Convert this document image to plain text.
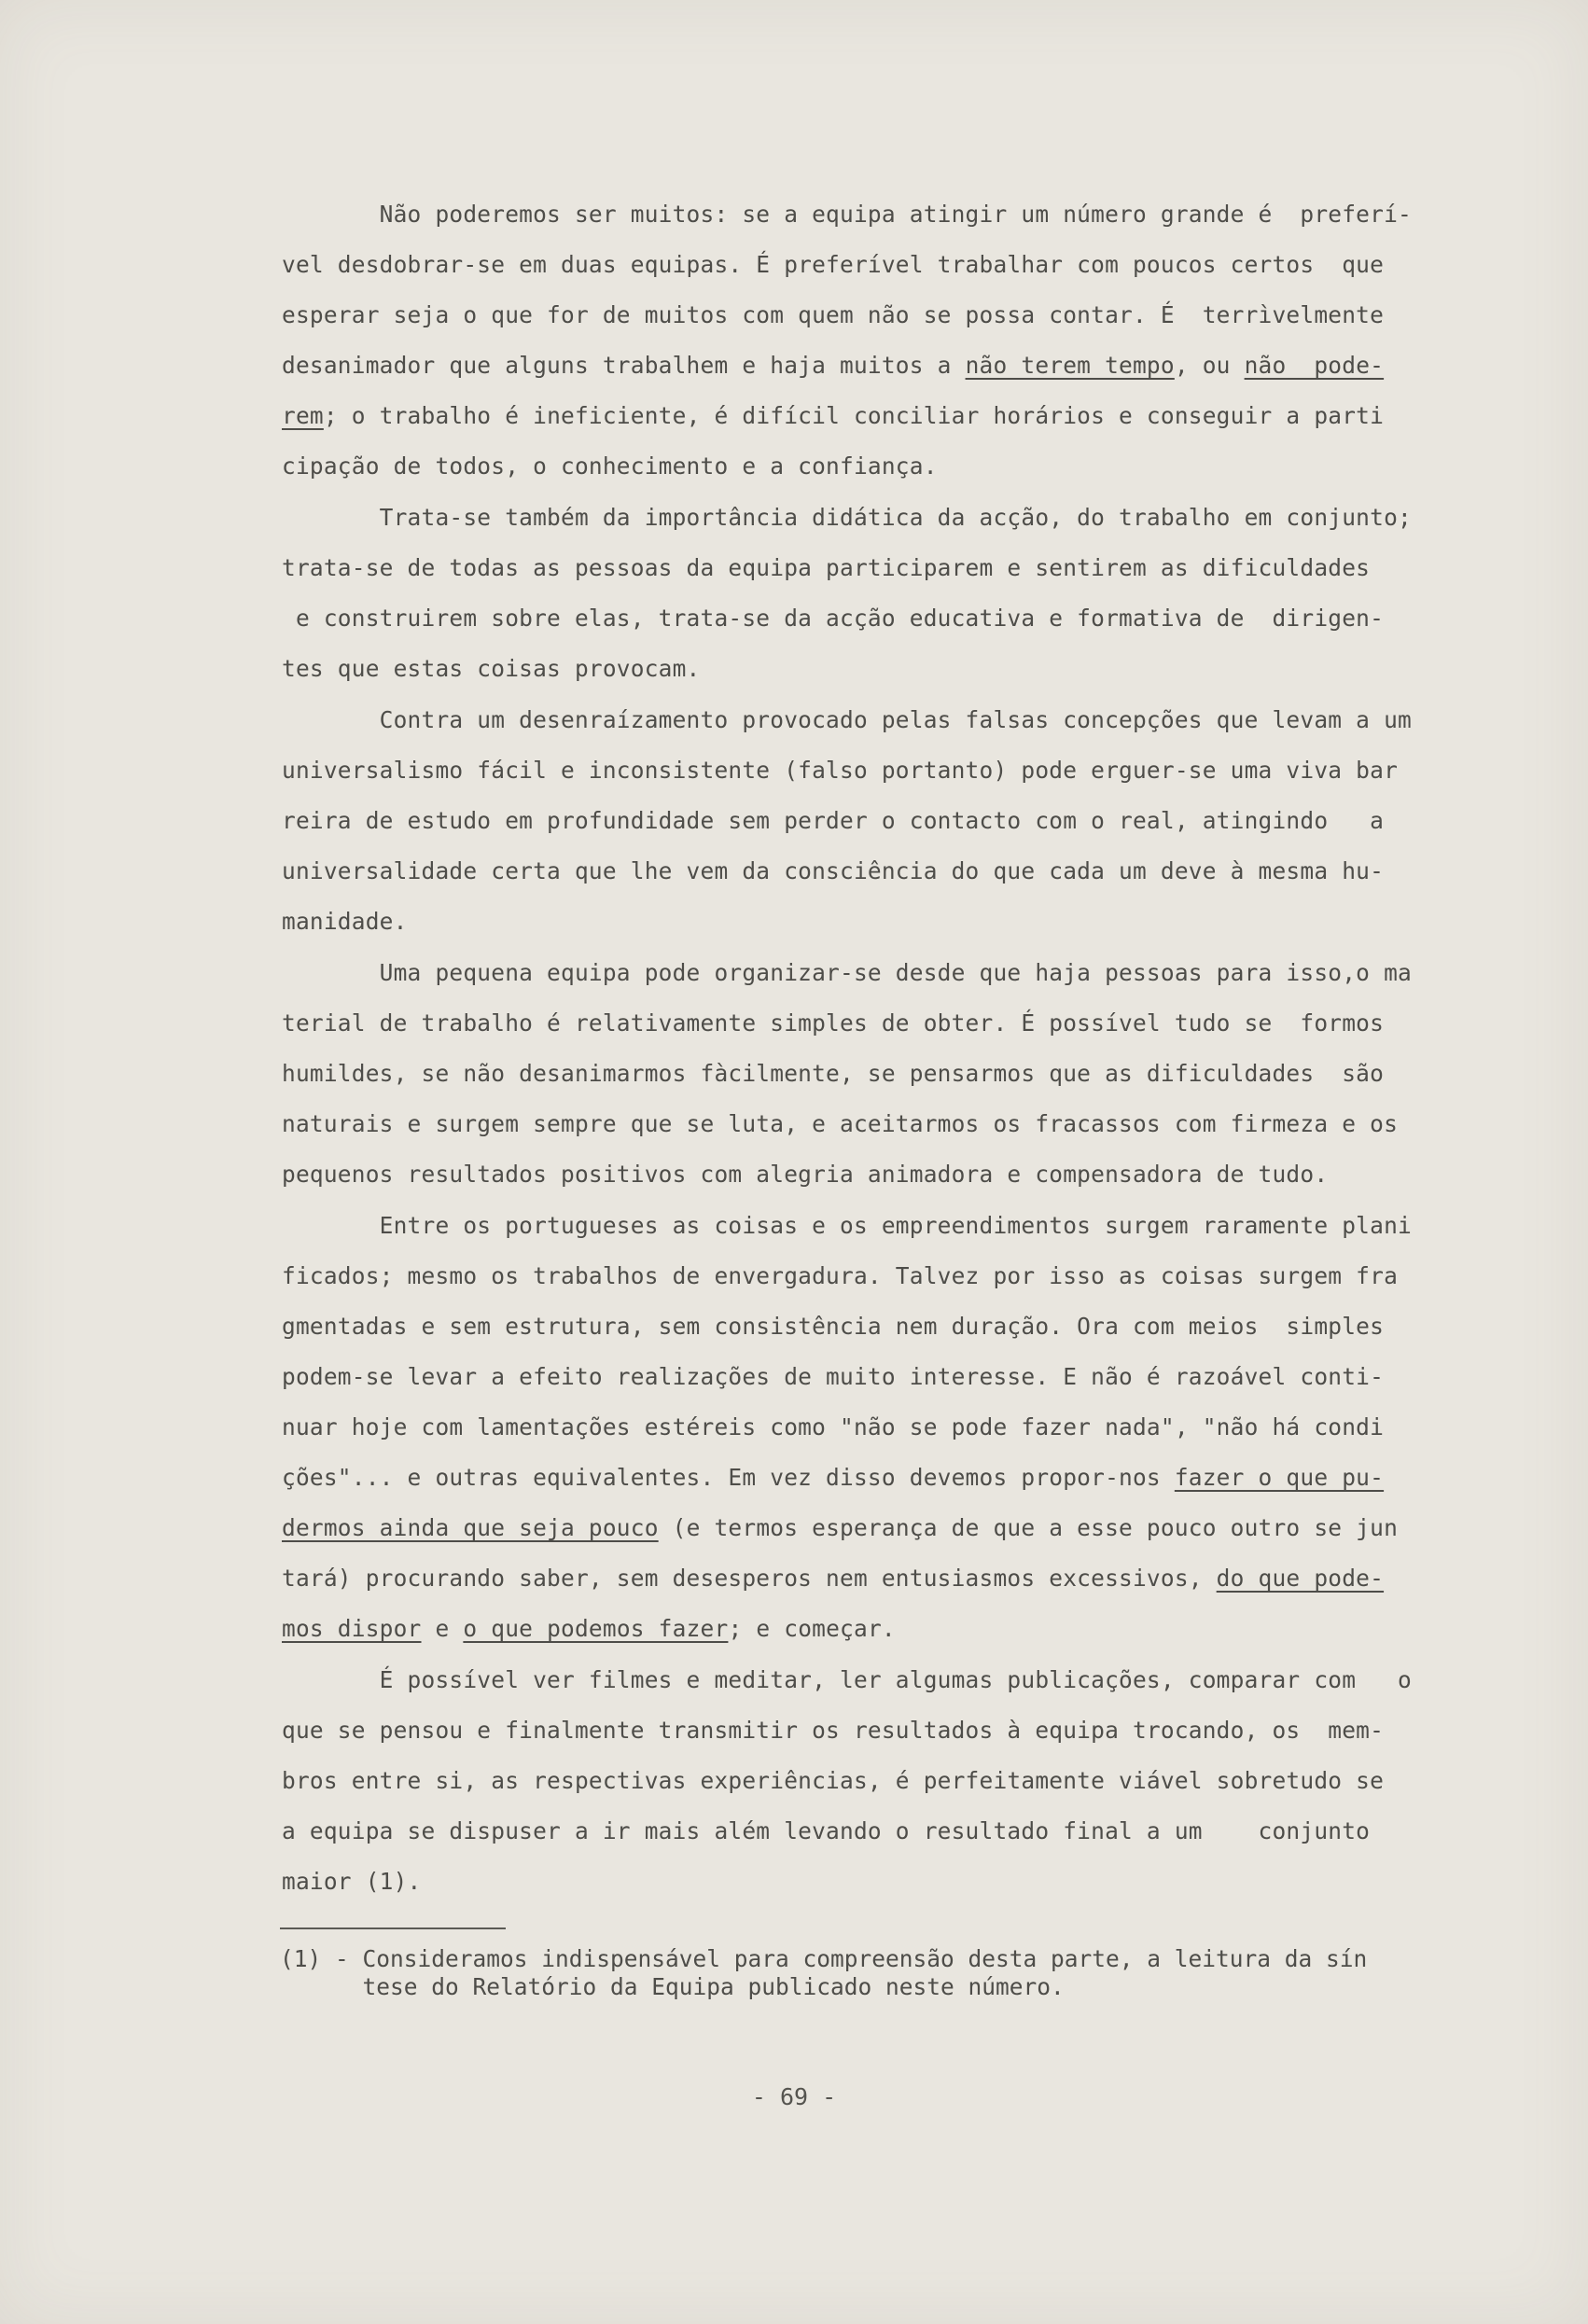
Não poderemos ser muitos: se a equipa atingir um número grande é  preferí-
vel desdobrar-se em duas equipas. É preferível trabalhar com poucos certos  que
esperar seja o que for de muitos com quem não se possa contar. É  terrìvelmente
desanimador que alguns trabalhem e haja muitos a não terem tempo, ou não  pode-
rem; o trabalho é ineficiente, é difícil conciliar horários e conseguir a parti
cipação de todos, o conhecimento e a confiança.
Trata-se também da importância didática da acção, do trabalho em conjunto;
trata-se de todas as pessoas da equipa participarem e sentirem as dificuldades
e construirem sobre elas, trata-se da acção educativa e formativa de  dirigen-
tes que estas coisas provocam.
Contra um desenraízamento provocado pelas falsas concepções que levam a um
universalismo fácil e inconsistente (falso portanto) pode erguer-se uma viva bar
reira de estudo em profundidade sem perder o contacto com o real, atingindo   a
universalidade certa que lhe vem da consciência do que cada um deve à mesma hu-
manidade.
Uma pequena equipa pode organizar-se desde que haja pessoas para isso,o ma
terial de trabalho é relativamente simples de obter. É possível tudo se  formos
humildes, se não desanimarmos fàcilmente, se pensarmos que as dificuldades  são
naturais e surgem sempre que se luta, e aceitarmos os fracassos com firmeza e os
pequenos resultados positivos com alegria animadora e compensadora de tudo.
Entre os portugueses as coisas e os empreendimentos surgem raramente plani
ficados; mesmo os trabalhos de envergadura. Talvez por isso as coisas surgem fra
gmentadas e sem estrutura, sem consistência nem duração. Ora com meios  simples
podem-se levar a efeito realizações de muito interesse. E não é razoável conti-
nuar hoje com lamentações estéreis como "não se pode fazer nada", "não há condi
ções"... e outras equivalentes. Em vez disso devemos propor-nos fazer o que pu-
dermos ainda que seja pouco (e termos esperança de que a esse pouco outro se jun
tará) procurando saber, sem desesperos nem entusiasmos excessivos, do que pode-
mos dispor e o que podemos fazer; e começar.
É possível ver filmes e meditar, ler algumas publicações, comparar com   o
que se pensou e finalmente transmitir os resultados à equipa trocando, os  mem-
bros entre si, as respectivas experiências, é perfeitamente viável sobretudo se
a equipa se dispuser a ir mais além levando o resultado final a um    conjunto
maior (1).
(1) - Consideramos indispensável para compreensão desta parte, a leitura da sín
tese do Relatório da Equipa publicado neste número.
- 69 -
